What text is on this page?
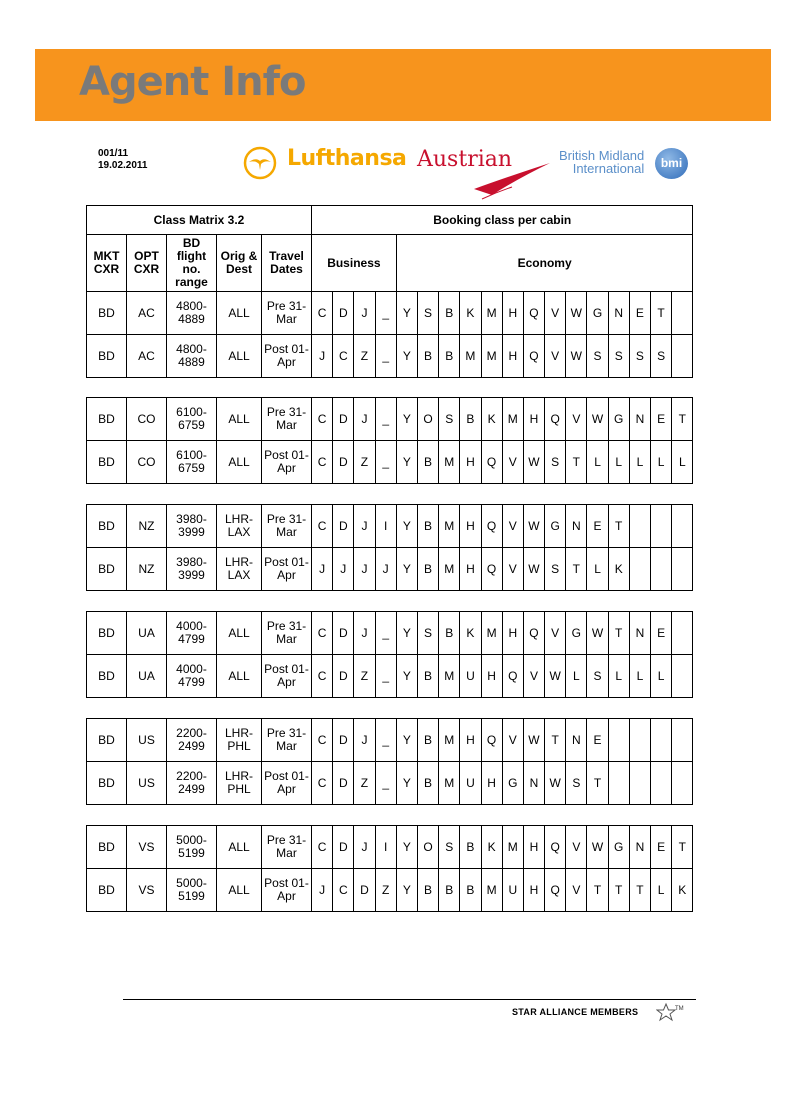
Agent Info
001/11
19.02.2011	Lufthansa Austrian	British Midland
International	bmi
Class Matrix 3.2					Booking class per cabin																	
MKT CXR	OPT CXR	BD flight no. range	Orig & Dest	Travel Dates	Business				Economy													
BD	AC	4800-4889	ALL	Pre 31-Mar	C	D	J	_	Y	S	B	K	M	H	Q	V	W	G	N	E	T	
BD	AC	4800-4889	ALL	Post 01-Apr	J	C	Z	_	Y	B	B	M	M	H	Q	V	W	S	S	S	S	
BD	CO	6100-6759	ALL	Pre 31-Mar	C	D	J	_	Y	O	S	B	K	M	H	Q	V	W	G	N	E	T
BD	CO	6100-6759	ALL	Post 01-Apr	C	D	Z	_	Y	B	M	H	Q	V	W	S	T	L	L	L	L	L
BD	NZ	3980-3999	LHR-LAX	Pre 31-Mar	C	D	J	I	Y	B	M	H	Q	V	W	G	N	E	T			
BD	NZ	3980-3999	LHR-LAX	Post 01-Apr	J	J	J	J	Y	B	M	H	Q	V	W	S	T	L	K			
BD	UA	4000-4799	ALL	Pre 31-Mar	C	D	J	_	Y	S	B	K	M	H	Q	V	G	W	T	N	E	
BD	UA	4000-4799	ALL	Post 01-Apr	C	D	Z	_	Y	B	M	U	H	Q	V	W	L	S	L	L	L	
BD	US	2200-2499	LHR-PHL	Pre 31-Mar	C	D	J	_	Y	B	M	H	Q	V	W	T	N	E				
BD	US	2200-2499	LHR-PHL	Post 01-Apr	C	D	Z	_	Y	B	M	U	H	G	N	W	S	T				
BD	VS	5000-5199	ALL	Pre 31-Mar	C	D	J	I	Y	O	S	B	K	M	H	Q	V	W	G	N	E	T
BD	VS	5000-5199	ALL	Post 01-Apr	J	C	D	Z	Y	B	B	B	M	U	H	Q	V	T	T	T	L	K
STAR ALLIANCE MEMBERS	TM
